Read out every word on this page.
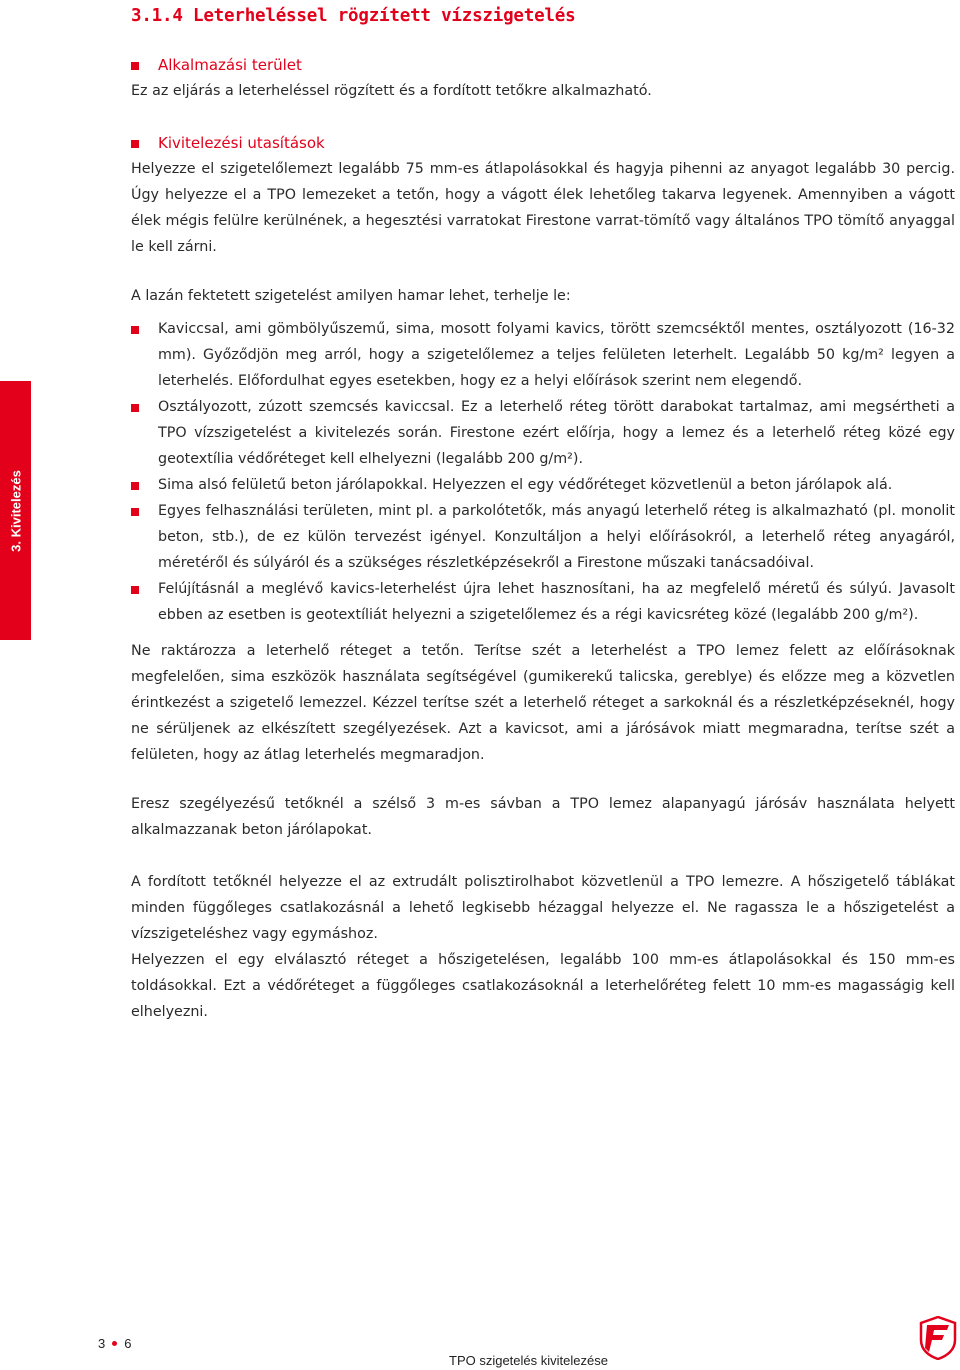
3.1.4 Leterheléssel rögzített vízszigetelés

Alkalmazási terület

Ez az eljárás a leterheléssel rögzített és a fordított tetőkre alkalmazható.

Kivitelezési utasítások

Helyezze el szigetelőlemezt legalább 75 mm-es átlapolásokkal és hagyja pihenni az anyagot legalább 30 percig. Úgy helyezze el a TPO lemezeket a tetőn, hogy a vágott élek lehetőleg takarva legyenek. Amennyiben a vágott élek mégis felülre kerülnének, a hegesztési varratokat Firestone varrat-tömítő vagy általános TPO tömítő anyaggal le kell zárni.

A lazán fektetett szigetelést amilyen hamar lehet, terhelje le:

Kaviccsal, ami gömbölyűszemű, sima, mosott folyami kavics, törött szemcséktől mentes, osztályozott (16-32 mm). Győződjön meg arról, hogy a szigetelőlemez a teljes felületen leterhelt. Legalább 50 kg/m² legyen a leterhelés. Előfordulhat egyes esetekben, hogy ez a helyi előírások szerint nem elegendő.

Osztályozott, zúzott szemcsés kaviccsal. Ez a leterhelő réteg törött darabokat tartalmaz, ami megsértheti a TPO vízszigetelést a kivitelezés során. Firestone ezért előírja, hogy a lemez és a leterhelő réteg közé egy geotextília védőréteget kell elhelyezni (legalább 200 g/m²).

Sima alsó felületű beton járólapokkal. Helyezzen el egy védőréteget közvetlenül a beton járólapok alá.

Egyes felhasználási területen, mint pl. a parkolótetők, más anyagú leterhelő réteg is alkalmazható (pl. monolit beton, stb.), de ez külön tervezést igényel. Konzultáljon a helyi előírásokról, a leterhelő réteg anyagáról, méretéről és súlyáról és a szükséges részletképzésekről a Firestone műszaki tanácsadóival.

Felújításnál a meglévő kavics-leterhelést újra lehet hasznosítani, ha az megfelelő méretű és súlyú. Javasolt ebben az esetben is geotextíliát helyezni a szigetelőlemez és a régi kavicsréteg közé (legalább 200 g/m²).

Ne raktározza a leterhelő réteget a tetőn. Terítse szét a leterhelést a TPO lemez felett az előírásoknak megfelelően, sima eszközök használata segítségével (gumikerekű talicska, gereblye) és előzze meg a közvetlen érintkezést a szigetelő lemezzel. Kézzel terítse szét a leterhelő réteget a sarkoknál és a részletképzéseknél, hogy ne sérüljenek az elkészített szegélyezések. Azt a kavicsot, ami a járósávok miatt megmaradna, terítse szét a felületen, hogy az átlag leterhelés megmaradjon.

Eresz szegélyezésű tetőknél a szélső 3 m-es sávban a TPO lemez alapanyagú járósáv használata helyett alkalmazzanak beton járólapokat.

A fordított tetőknél helyezze el az extrudált polisztirolhabot közvetlenül a TPO lemezre. A hőszigetelő táblákat minden függőleges csatlakozásnál a lehető legkisebb hézaggal helyezze el. Ne ragassza le a hőszigetelést a vízszigeteléshez vagy egymáshoz.

Helyezzen el egy elválasztó réteget a hőszigetelésen, legalább 100 mm-es átlapolásokkal és 150 mm-es toldásokkal. Ezt a védőréteget a függőleges csatlakozásoknál a leterhelőréteg felett 10 mm-es magasságig kell elhelyezni.

3. Kivitelezés
3 6
TPO szigetelés kivitelezése
